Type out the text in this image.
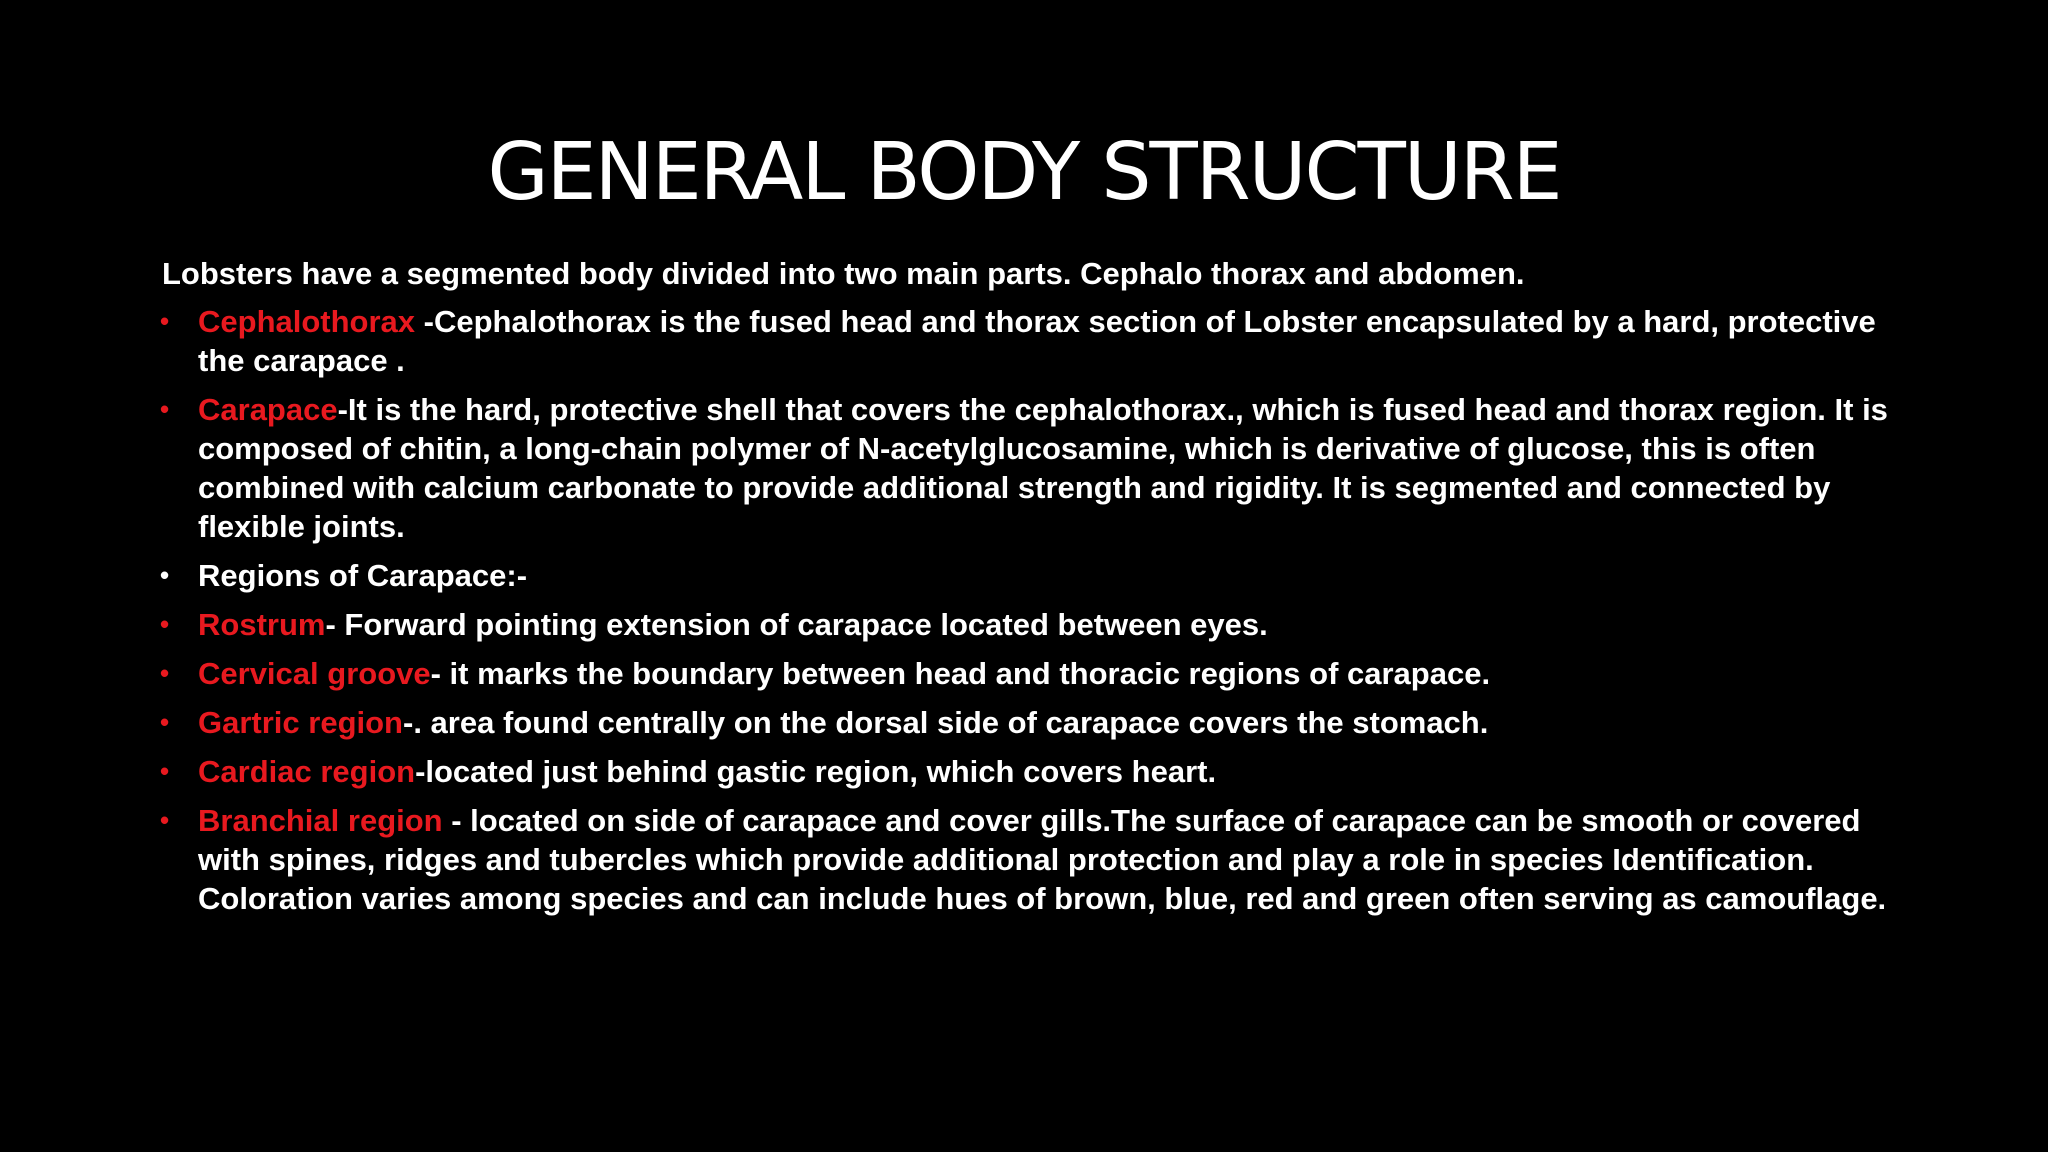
GENERAL BODY STRUCTURE

Lobsters have a segmented body divided into two main parts. Cephalo thorax and abdomen.

• Cephalothorax -Cephalothorax is the fused head and thorax section of Lobster encapsulated by a hard, protective the carapace .
• Carapace-It is the hard, protective shell that covers the cephalothorax., which is fused head and thorax region. It is composed of chitin, a long-chain polymer of N-acetylglucosamine, which is derivative of glucose, this is often combined with calcium carbonate to provide additional strength and rigidity. It is segmented and connected by flexible joints.
• Regions of Carapace:-
• Rostrum- Forward pointing extension of carapace located between eyes.
• Cervical groove- it marks the boundary between head and thoracic regions of carapace.
• Gartric region-. area found centrally on the dorsal side of carapace covers the stomach.
• Cardiac region-located just behind gastic region, which covers heart.
• Branchial region - located on side of carapace and cover gills.The surface of carapace can be smooth or covered with spines, ridges and tubercles which provide additional protection and play a role in species Identification. Coloration varies among species and can include hues of brown, blue, red and green often serving as camouflage.
